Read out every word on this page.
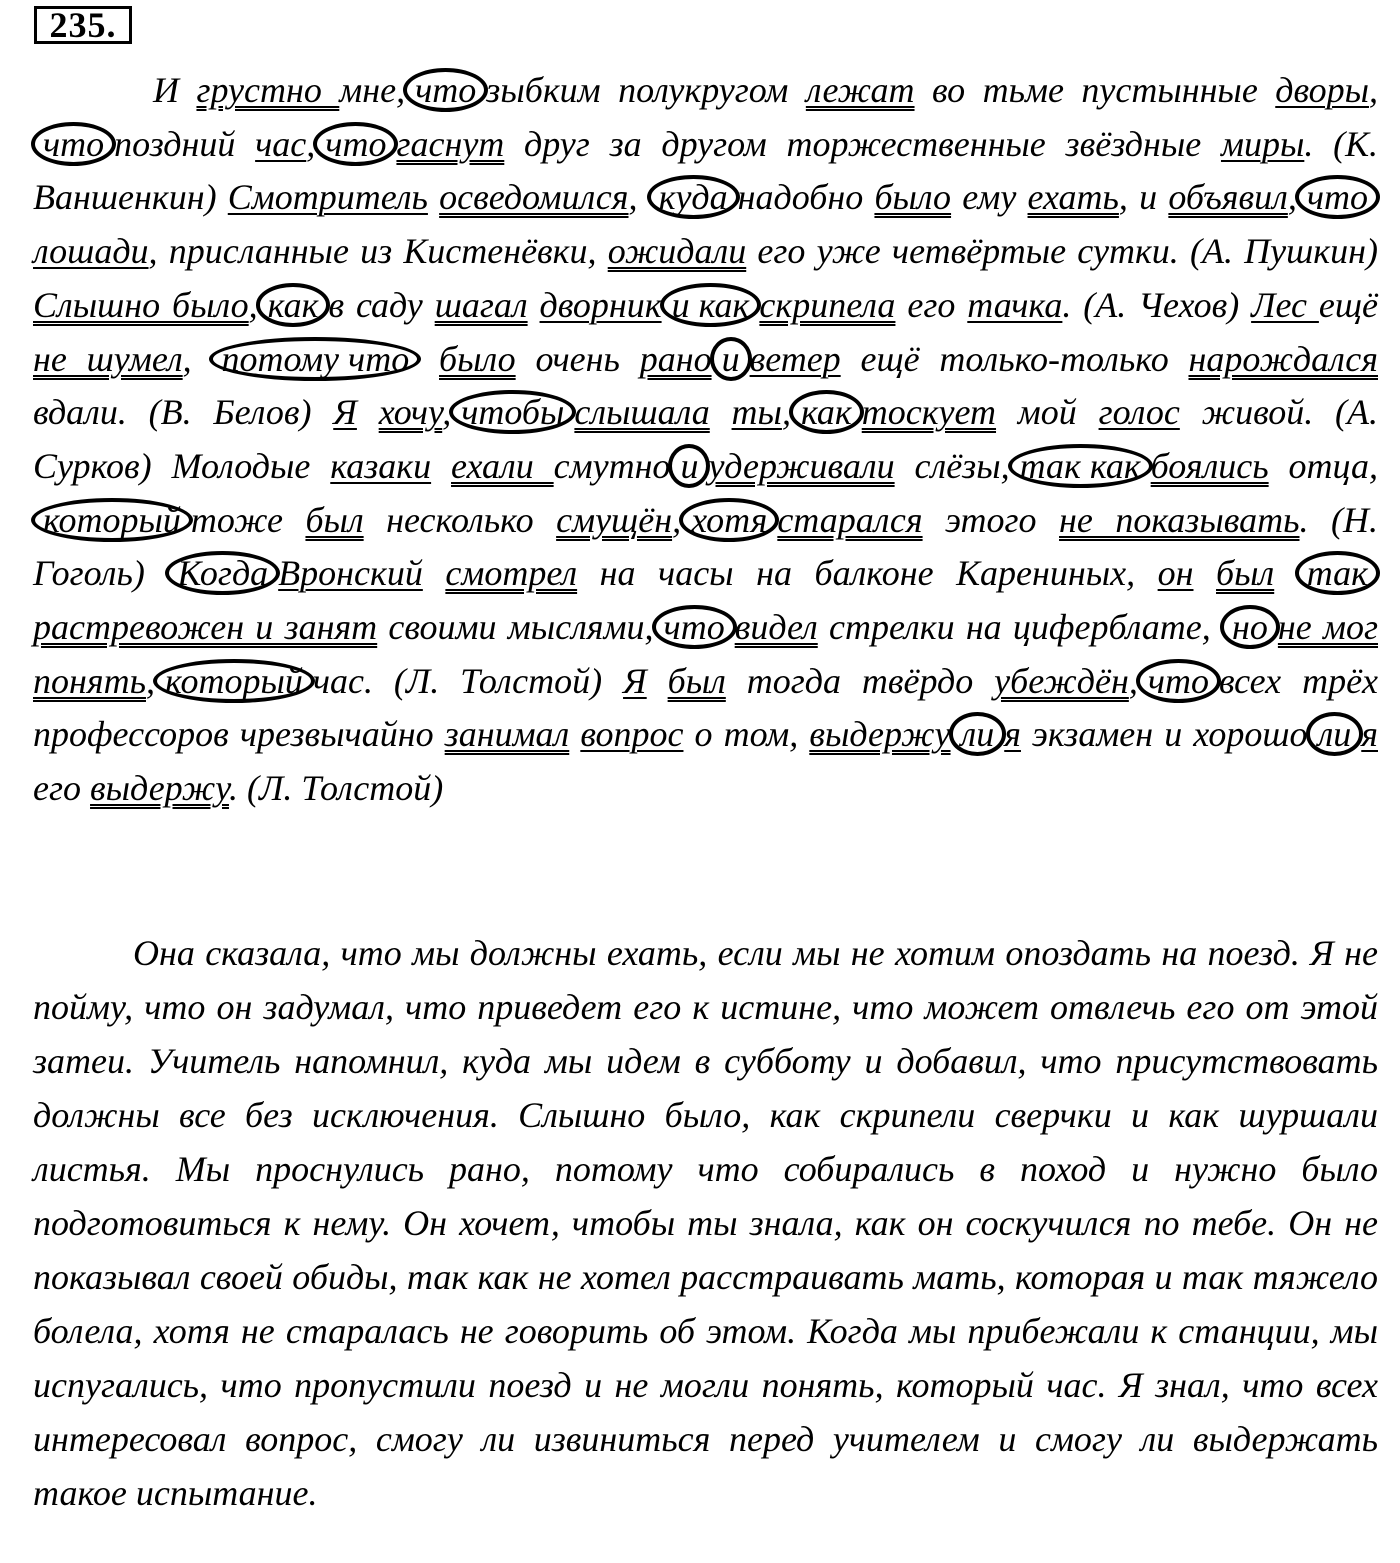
235.
И грустно мне, что зыбким полукругом лежат во тьме пустынные дворы,чтопоздний час, что гаснут друг за другом торжественные звёздные миры. (К. Ваншенкин) Смотритель осведомился, куда надобно было ему ехать, и объявил, чтолошади, присланные из Кистенёвки, ожидали его уже четвёртые сутки. (А. Пушкин) Слышно было, как в саду шагал дворник и как скрипела его тачка. (А. Чехов) Лес ещё не шумел, потому что было очень рано и ветер ещё только-только нарождался вдали. (В. Белов) Я хочу, чтобы слышала ты, как тоскует мой голос живой. (А. Сурков) Молодые казаки ехали смутно и удерживали слёзы, так как боялись отца, который тоже был несколько смущён, хотя старался этого не показывать. (Н. Гоголь) Когда Вронский смотрел на часы на балконе Карениных, он был такрастревожен и занят своими мыслями, что видел стрелки на циферблате, но не мог понять, который час. (Л. Толстой) Я был тогда твёрдо убеждён, что всех трёх профессоров чрезвычайно занимал вопрос о том, выдержу ли я экзамен и хорошо ли я его выдержу. (Л. Толстой)
Она сказала, что мы должны ехать, если мы не хотим опоздать на поезд. Я не пойму, что он задумал, что приведет его к истине, что может отвлечь его от этой затеи. Учитель напомнил, куда мы идем в субботу и добавил, что присутствовать должны все без исключения. Слышно было, как скрипели сверчки и как шуршали листья. Мы проснулись рано, потому что собирались в поход и нужно было подготовиться к нему. Он хочет, чтобы ты знала, как он соскучился по тебе. Он не показывал своей обиды, так как не хотел расстраивать мать, которая и так тяжело болела, хотя не старалась не говорить об этом. Когда мы прибежали к станции, мы испугались, что пропустили поезд и не могли понять, который час. Я знал, что всех интересовал вопрос, смогу ли извиниться перед учителем и смогу ли выдержать такое испытание.
